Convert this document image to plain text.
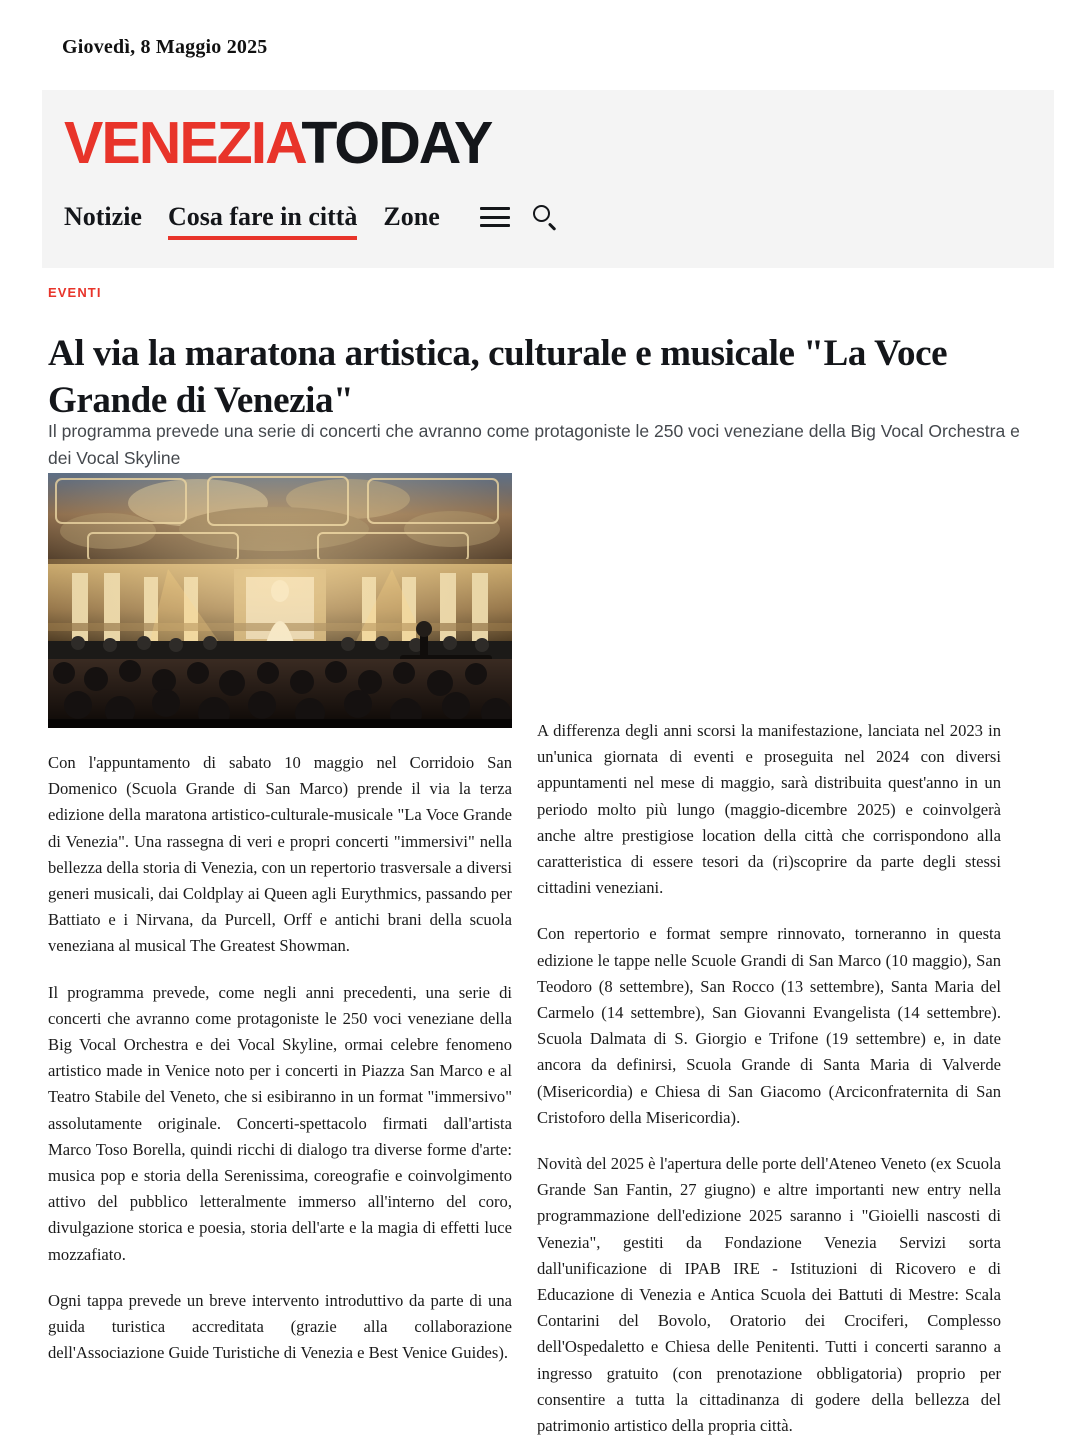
Giovedì, 8 Maggio 2025
VENEZIATODAY
Notizie Cosa fare in città Zone
EVENTI
Al via la maratona artistica, culturale e musicale "La Voce Grande di Venezia"
Il programma prevede una serie di concerti che avranno come protagoniste le 250 voci veneziane della Big Vocal Orchestra e dei Vocal Skyline

Con l'appuntamento di sabato 10 maggio nel Corridoio San Domenico (Scuola Grande di San Marco) prende il via la terza edizione della maratona artistico-culturale-musicale "La Voce Grande di Venezia". Una rassegna di veri e propri concerti "immersivi" nella bellezza della storia di Venezia, con un repertorio trasversale a diversi generi musicali, dai Coldplay ai Queen agli Eurythmics, passando per Battiato e i Nirvana, da Purcell, Orff e antichi brani della scuola veneziana al musical The Greatest Showman.

Il programma prevede, come negli anni precedenti, una serie di concerti che avranno come protagoniste le 250 voci veneziane della Big Vocal Orchestra e dei Vocal Skyline, ormai celebre fenomeno artistico made in Venice noto per i concerti in Piazza San Marco e al Teatro Stabile del Veneto, che si esibiranno in un format "immersivo" assolutamente originale. Concerti-spettacolo firmati dall'artista Marco Toso Borella, quindi ricchi di dialogo tra diverse forme d'arte: musica pop e storia della Serenissima, coreografie e coinvolgimento attivo del pubblico letteralmente immerso all'interno del coro, divulgazione storica e poesia, storia dell'arte e la magia di effetti luce mozzafiato.

Ogni tappa prevede un breve intervento introduttivo da parte di una guida turistica accreditata (grazie alla collaborazione dell'Associazione Guide Turistiche di Venezia e Best Venice Guides).

A differenza degli anni scorsi la manifestazione, lanciata nel 2023 in un'unica giornata di eventi e proseguita nel 2024 con diversi appuntamenti nel mese di maggio, sarà distribuita quest'anno in un periodo molto più lungo (maggio-dicembre 2025) e coinvolgerà anche altre prestigiose location della città che corrispondono alla caratteristica di essere tesori da (ri)scoprire da parte degli stessi cittadini veneziani.

Con repertorio e format sempre rinnovato, torneranno in questa edizione le tappe nelle Scuole Grandi di San Marco (10 maggio), San Teodoro (8 settembre), San Rocco (13 settembre), Santa Maria del Carmelo (14 settembre), San Giovanni Evangelista (14 settembre). Scuola Dalmata di S. Giorgio e Trifone (19 settembre) e, in date ancora da definirsi, Scuola Grande di Santa Maria di Valverde (Misericordia) e Chiesa di San Giacomo (Arciconfraternita di San Cristoforo della Misericordia).

Novità del 2025 è l'apertura delle porte dell'Ateneo Veneto (ex Scuola Grande San Fantin, 27 giugno) e altre importanti new entry nella programmazione dell'edizione 2025 saranno i "Gioielli nascosti di Venezia", gestiti da Fondazione Venezia Servizi sorta dall'unificazione di IPAB IRE - Istituzioni di Ricovero e di Educazione di Venezia e Antica Scuola dei Battuti di Mestre: Scala Contarini del Bovolo, Oratorio dei Crociferi, Complesso dell'Ospedaletto e Chiesa delle Penitenti. Tutti i concerti saranno a ingresso gratuito (con prenotazione obbligatoria) proprio per consentire a tutta la cittadinanza di godere della bellezza del patrimonio artistico della propria città.
